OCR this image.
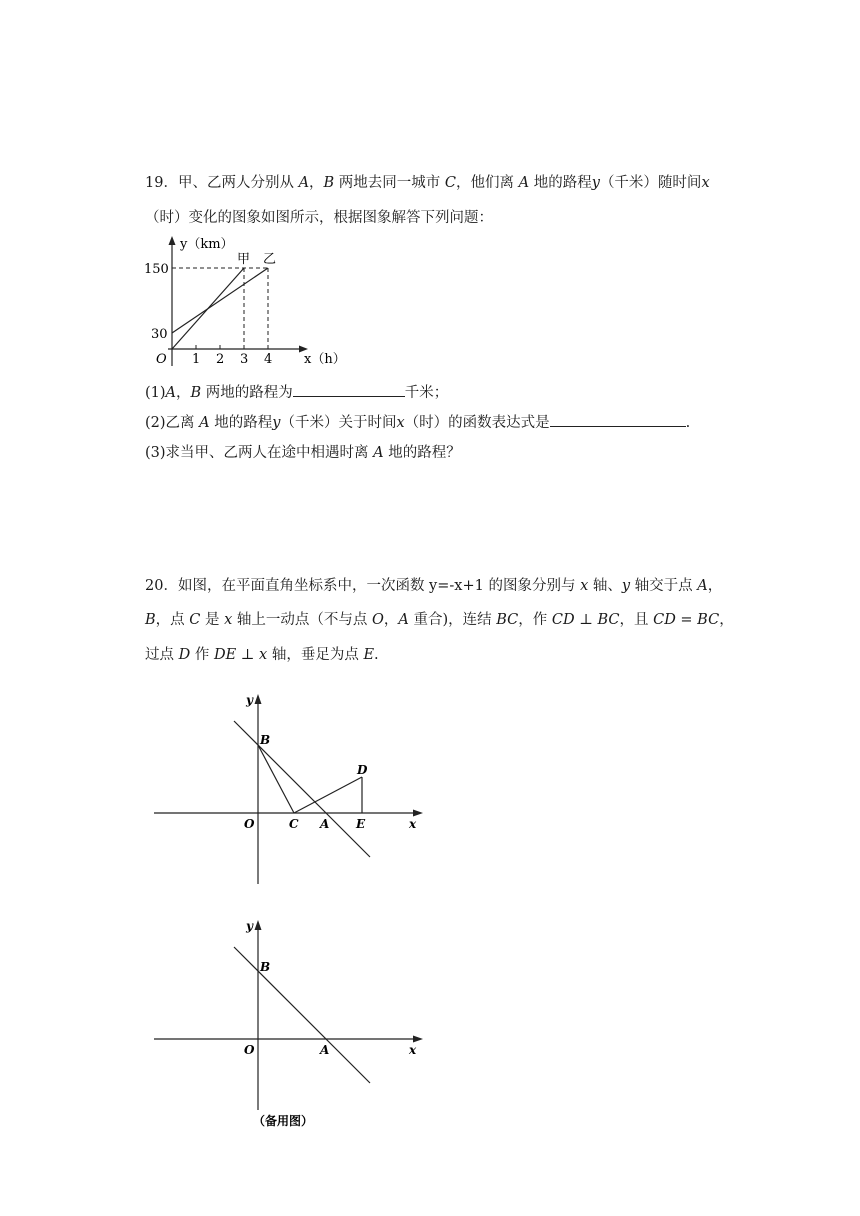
19．甲、乙两人分别从 A，B 两地去同一城市 C，他们离 A 地的路程y（千米）随时间x
（时）变化的图象如图所示，根据图象解答下列问题：
y（km）
150
30
O 1 2 3 4 x（h）
甲 乙
(1)A，B 两地的路程为	千米；
(2)乙离 A 地的路程y（千米）关于时间x（时）的函数表达式是	.
(3)求当甲、乙两人在途中相遇时离 A 地的路程？
20．如图，在平面直角坐标系中，一次函数 y=-x+1 的图象分别与 x 轴、y 轴交于点 A，
B，点 C 是 x 轴上一动点（不与点 O，A 重合)，连结 BC，作 CD ⊥ BC，且 CD = BC，
过点 D 作 DE ⊥ x 轴，垂足为点 E.
y
B
D
O	C A E	x
y
B
O	A	x
（备用图）
